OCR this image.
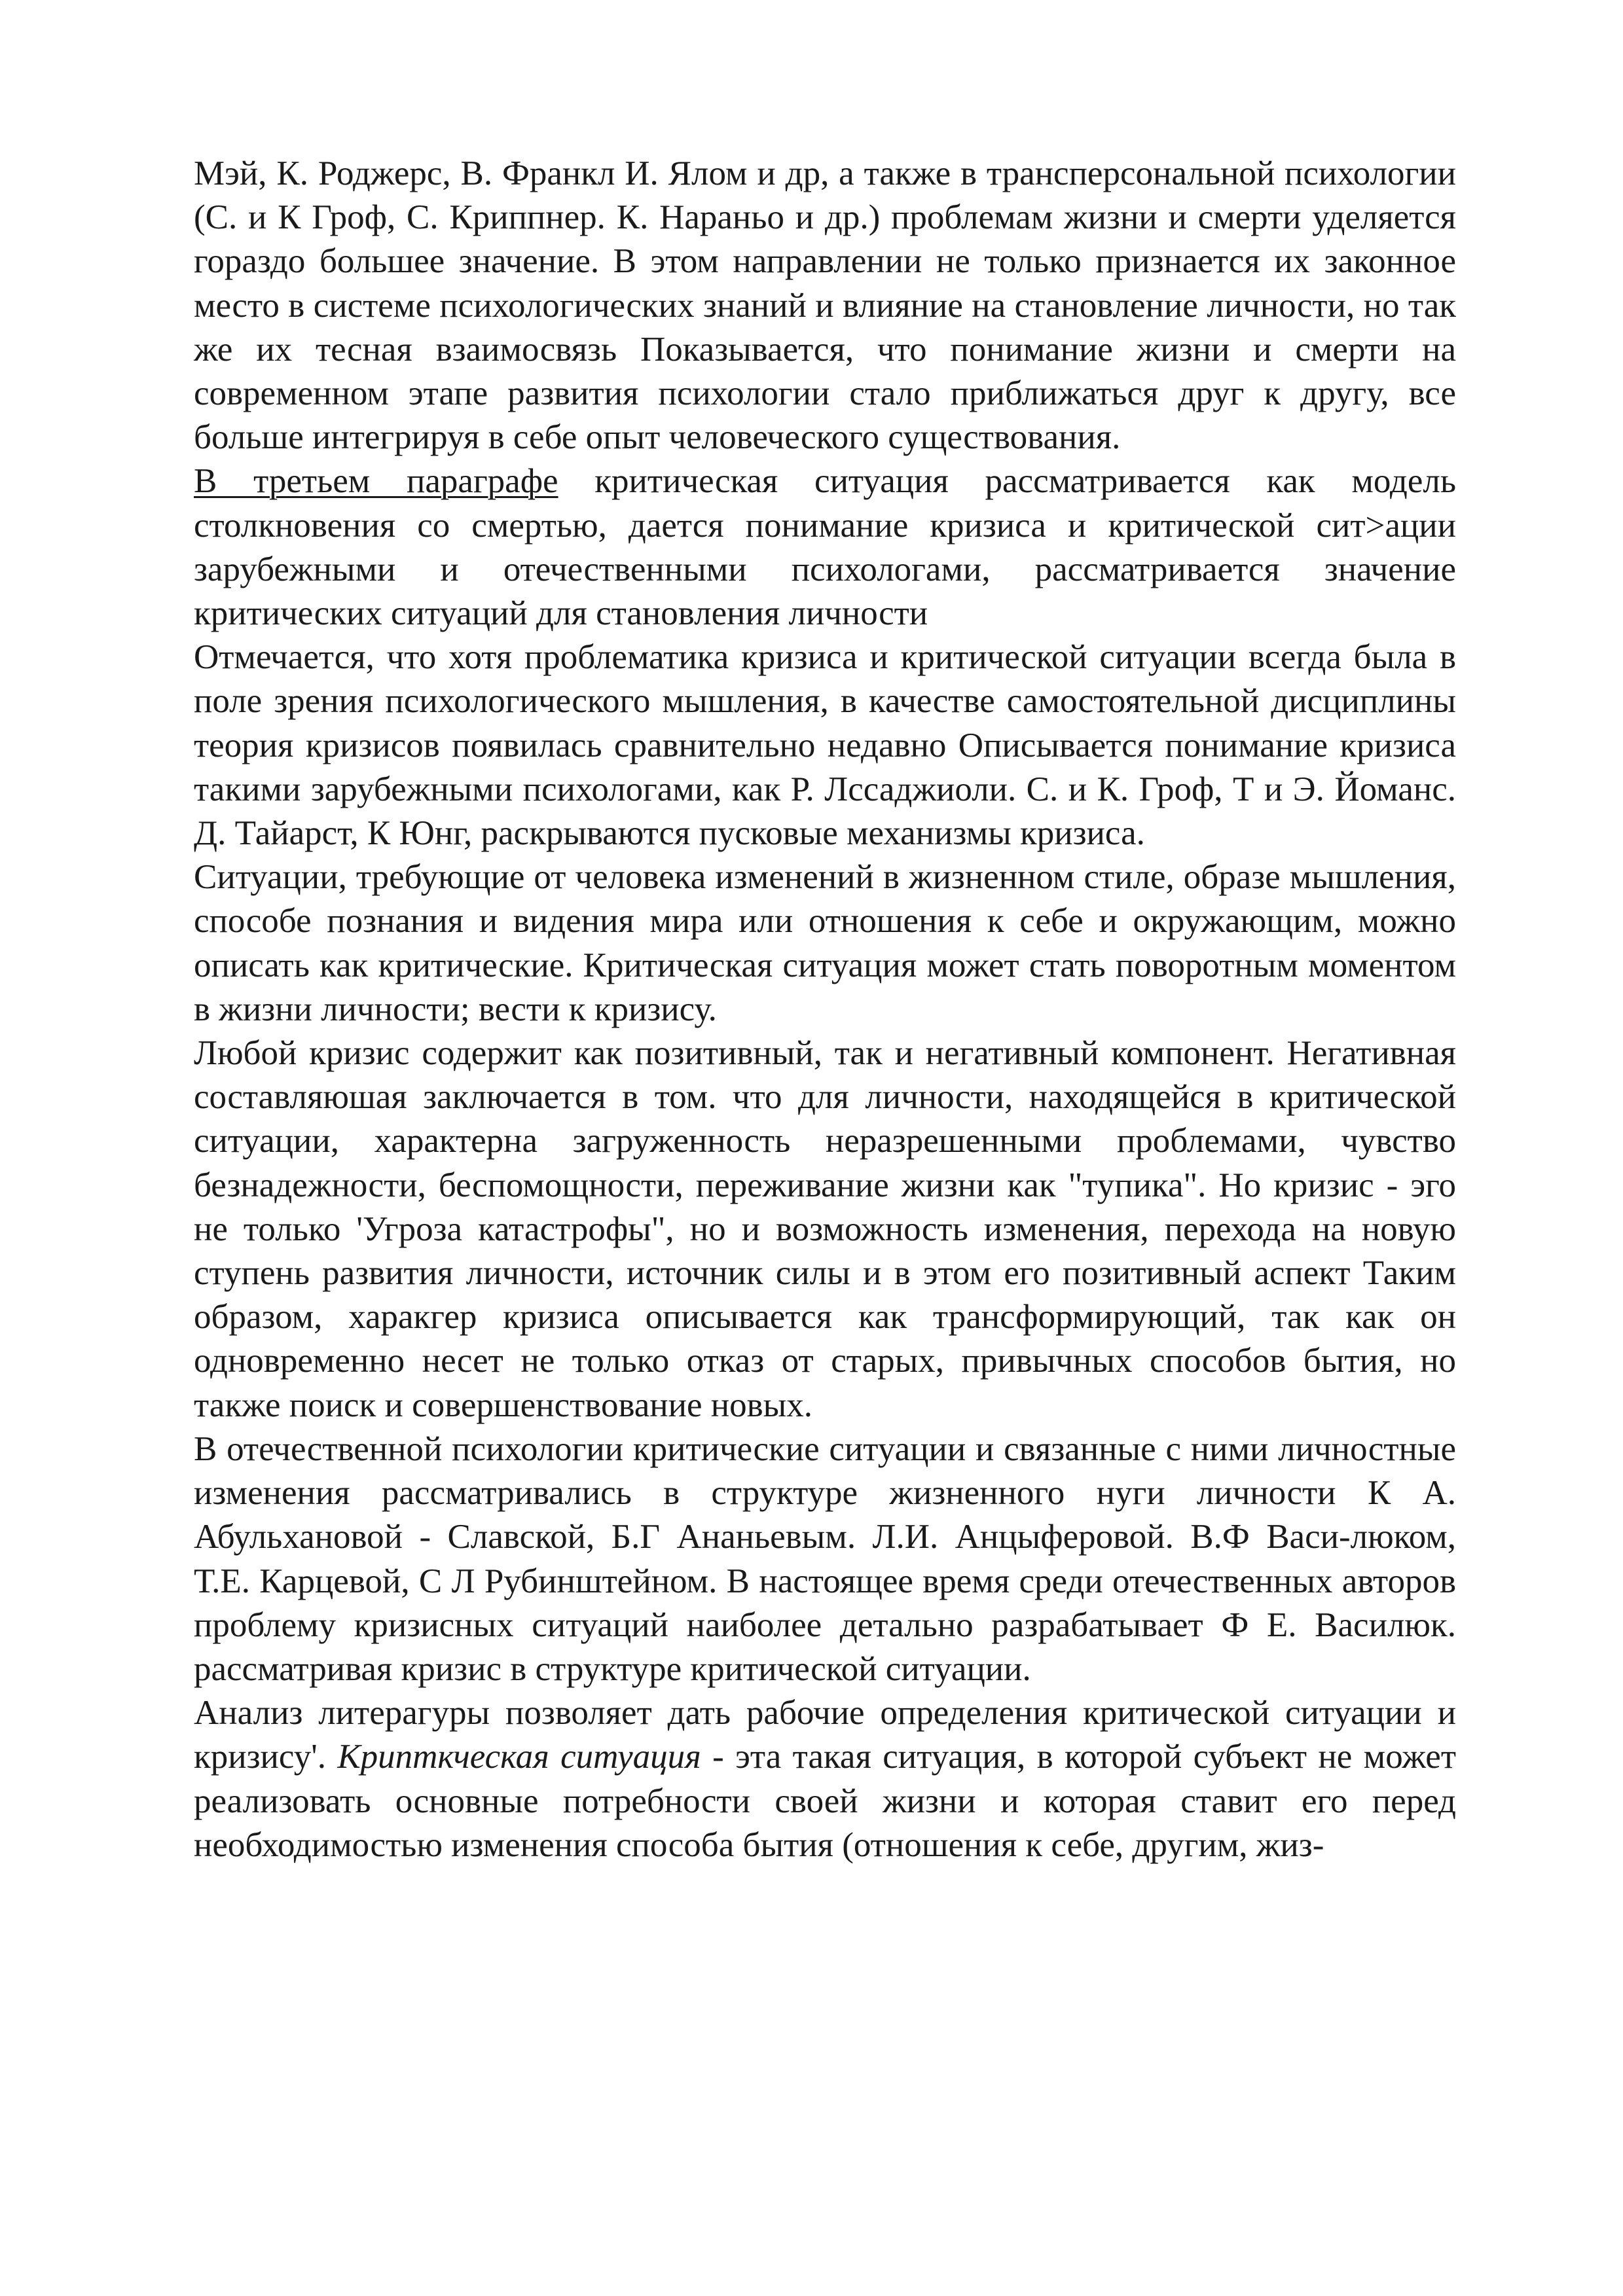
Мэй, К. Роджерс, В. Франкл И. Ялом и др, а также в трансперсональной психологии (С. и К Гроф, С. Криппнер. К. Нараньо и др.) проблемам жизни и смерти уделяется гораздо большее значение. В этом направлении не только признается их законное место в системе психологических знаний и влияние на становление личности, но так же их тесная взаимосвязь Показывается, что понимание жизни и смерти на современном этапе развития психологии стало приближаться друг к другу, все больше интегрируя в себе опыт человеческого существования.

В третьем параграфе критическая ситуация рассматривается как модель столкновения со смертью, дается понимание кризиса и критической сит>ации зарубежными и отечественными психологами, рассматривается значение критических ситуаций для становления личности

Отмечается, что хотя проблематика кризиса и критической ситуации всегда была в поле зрения психологического мышления, в качестве самостоятельной дисциплины теория кризисов появилась сравнительно недавно Описывается понимание кризиса такими зарубежными психологами, как Р. Лссаджиоли. С. и К. Гроф, Т и Э. Йоманс. Д. Тайарст, К Юнг, раскрываются пусковые механизмы кризиса.

Ситуации, требующие от человека изменений в жизненном стиле, образе мышления, способе познания и видения мира или отношения к себе и окружающим, можно описать как критические. Критическая ситуация может стать поворотным моментом в жизни личности; вести к кризису.

Любой кризис содержит как позитивный, так и негативный компонент. Негативная составляюшая заключается в том. что для личности, находящейся в критической ситуации, характерна загруженность неразрешенными проблемами, чувство безнадежности, беспомощности, переживание жизни как "тупика". Но кризис - эго не только 'Угроза катастрофы", но и возможность изменения, перехода на новую ступень развития личности, источник силы и в этом его позитивный аспект Таким образом, харакгер кризиса описывается как трансформирующий, так как он одновременно несет не только отказ от старых, привычных способов бытия, но также поиск и совершенствование новых.

В отечественной психологии критические ситуации и связанные с ними личностные изменения рассматривались в структуре жизненного нуги личности К А. Абульхановой - Славской, Б.Г Ананьевым. Л.И. Анцыферовой. В.Ф Васи-люком, Т.Е. Карцевой, С Л Рубинштейном. В настоящее время среди отечественных авторов проблему кризисных ситуаций наиболее детально разрабатывает Ф Е. Василюк. рассматривая кризис в структуре критической ситуации.

Анализ литерагуры позволяет дать рабочие определения критической ситуации и кризису'. Крипткческая ситуация - эта такая ситуация, в которой субъект не может реализовать основные потребности своей жизни и которая ставит его перед необходимостью изменения способа бытия (отношения к себе, другим, жиз-
